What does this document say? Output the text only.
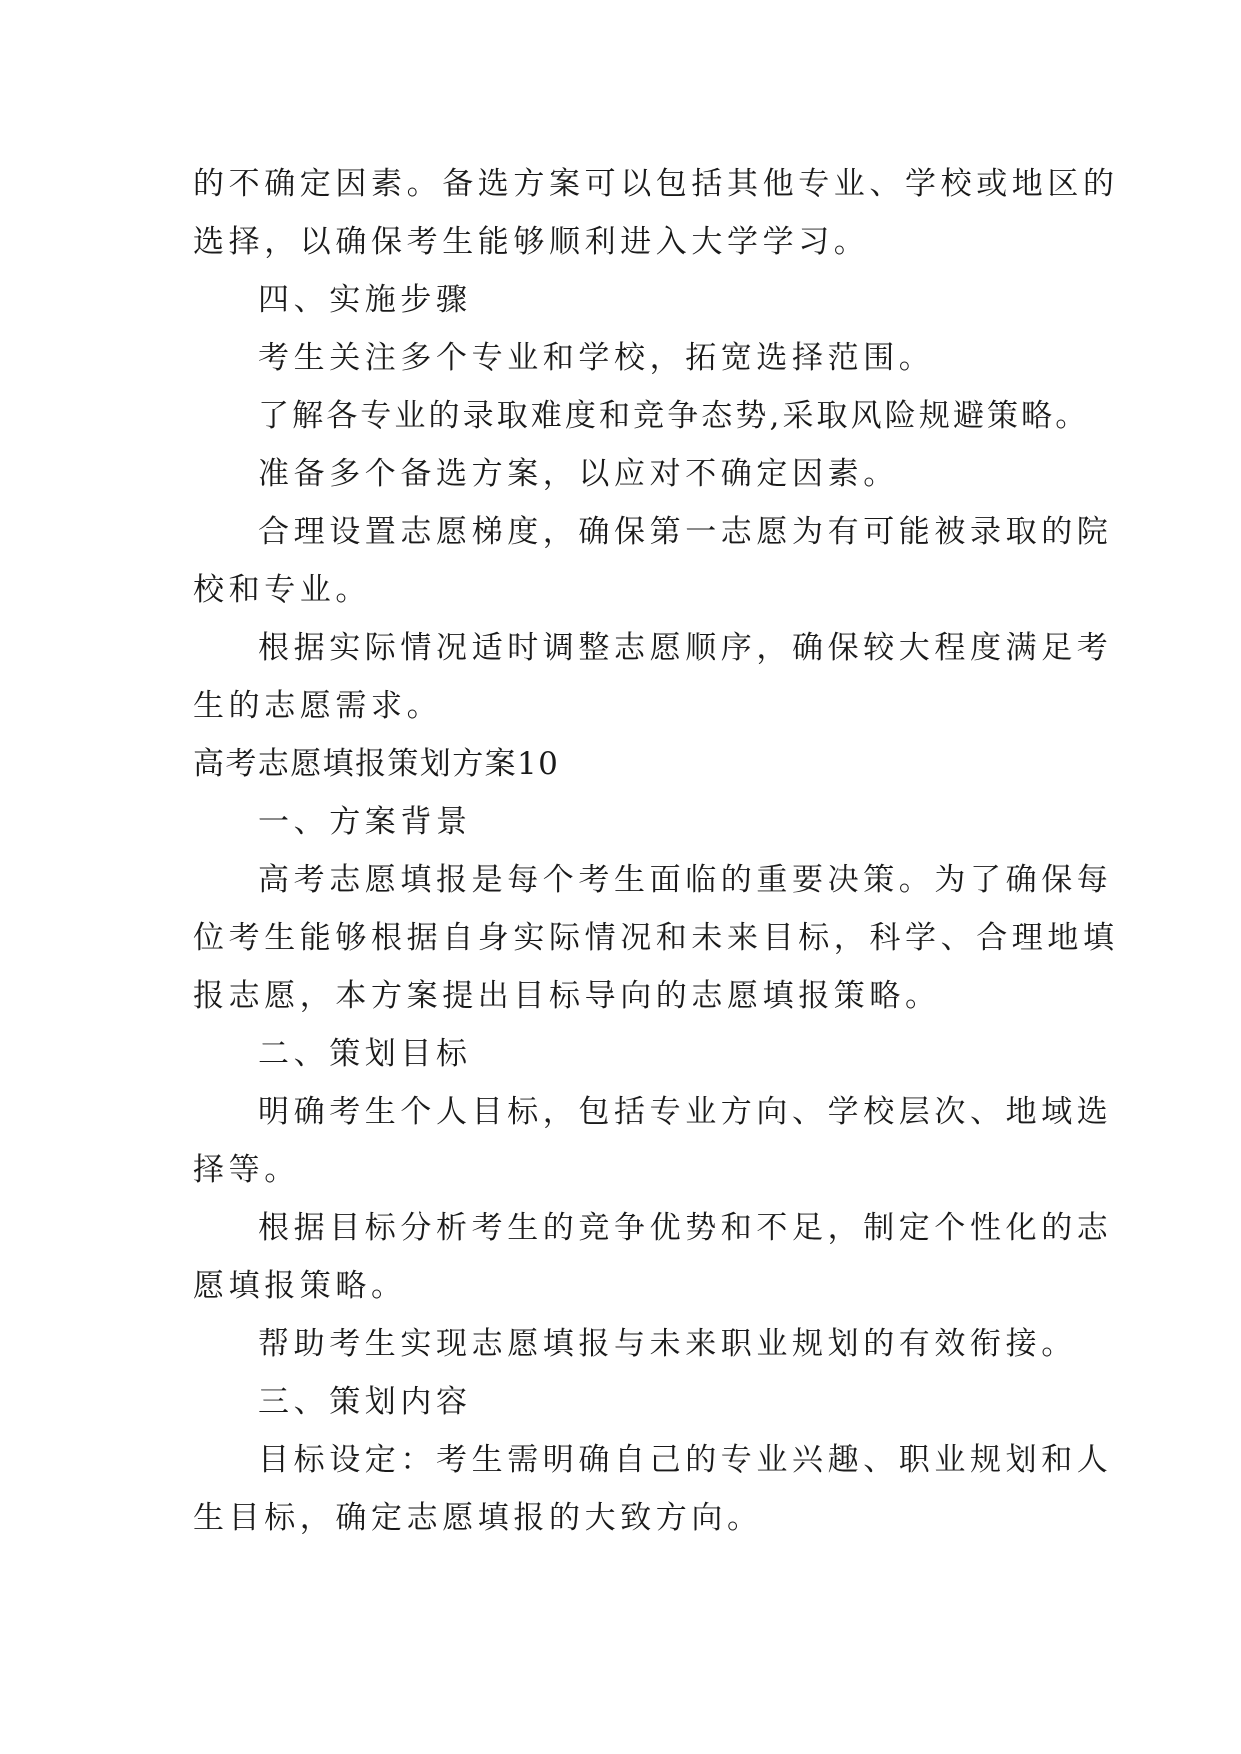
的不确定因素。备选方案可以包括其他专业、学校或地区的

选择，以确保考生能够顺利进入大学学习。

四、实施步骤

考生关注多个专业和学校，拓宽选择范围。

了解各专业的录取难度和竞争态势,采取风险规避策略。

准备多个备选方案，以应对不确定因素。

合理设置志愿梯度，确保第一志愿为有可能被录取的院

校和专业。

根据实际情况适时调整志愿顺序，确保较大程度满足考

生的志愿需求。

高考志愿填报策划方案10

一、方案背景

高考志愿填报是每个考生面临的重要决策。为了确保每

位考生能够根据自身实际情况和未来目标，科学、合理地填

报志愿，本方案提出目标导向的志愿填报策略。

二、策划目标

明确考生个人目标，包括专业方向、学校层次、地域选

择等。

根据目标分析考生的竞争优势和不足，制定个性化的志

愿填报策略。

帮助考生实现志愿填报与未来职业规划的有效衔接。

三、策划内容

目标设定：考生需明确自己的专业兴趣、职业规划和人

生目标，确定志愿填报的大致方向。
